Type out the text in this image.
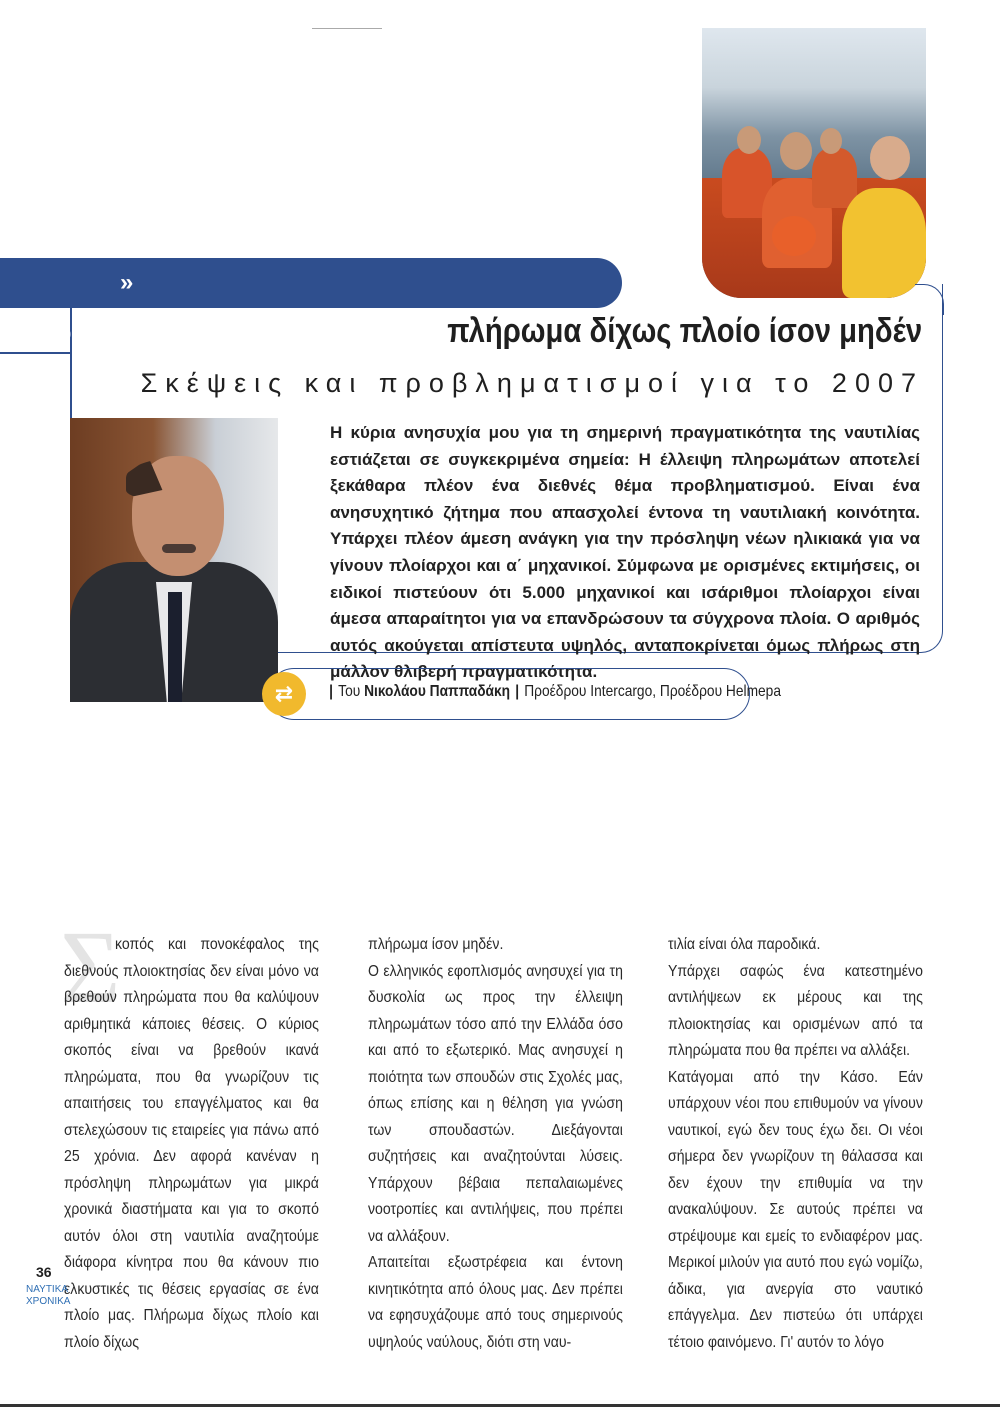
»Πλοίο δίχως πλήρωμα ίσον μηδέν και
πλήρωμα δίχως πλοίο ίσον μηδέν
Σκέψεις και προβληματισμοί για το 2007
Η κύρια ανησυχία μου για τη σημερινή πραγματικότητα της ναυτιλίας εστιάζεται σε συγκεκριμένα σημεία: Η έλλειψη πληρωμάτων αποτελεί ξεκάθαρα πλέον ένα διεθνές θέμα προβληματισμού. Είναι ένα ανησυχητικό ζήτημα που απασχολεί έντονα τη ναυτιλιακή κοινότητα. Υπάρχει πλέον άμεση ανάγκη για την πρόσληψη νέων ηλικιακά για να γίνουν πλοίαρχοι και α΄ μηχανικοί. Σύμφωνα με ορισμένες εκτιμήσεις, οι ειδικοί πιστεύουν ότι 5.000 μηχανικοί και ισάριθμοι πλοίαρχοι είναι άμεσα απαραίτητοι για να επανδρώσουν τα σύγχρονα πλοία. Ο αριθμός αυτός ακούγεται απίστευτα υψηλός, ανταποκρίνεται όμως πλήρως στη μάλλον θλιβερή πραγματικότητα.
⇄	| Του Νικολάου Παππαδάκη | Προέδρου Intercargo, Προέδρου Helmepa
Σ

κοπός και πονοκέφαλος της διεθνούς πλοιοκτησίας δεν είναι μόνο να βρεθούν πληρώματα που θα καλύψουν αριθμητικά κάποιες θέσεις. Ο κύριος σκοπός είναι να βρεθούν ικανά πληρώματα, που θα γνωρίζουν τις απαιτήσεις του επαγγέλματος και θα στελεχώσουν τις εταιρείες για πάνω από 25 χρόνια. Δεν αφορά κανέναν η πρόσληψη πληρωμάτων για μικρά χρονικά διαστήματα και για το σκοπό αυτόν όλοι στη ναυτιλία αναζητούμε διάφορα κίνητρα που θα κάνουν πιο ελκυστικές τις θέσεις εργασίας σε ένα πλοίο μας. Πλήρωμα δίχως πλοίο και πλοίο δίχως

πλήρωμα ίσον μηδέν.

Ο ελληνικός εφοπλισμός ανησυχεί για τη δυσκολία ως προς την έλλειψη πληρωμάτων τόσο από την Ελλάδα όσο και από το εξωτερικό. Μας ανησυχεί η ποιότητα των σπουδών στις Σχολές μας, όπως επίσης και η θέληση για γνώση των σπουδαστών. Διεξάγονται συζητήσεις και αναζητούνται λύσεις. Υπάρχουν βέβαια πεπαλαιωμένες νοοτροπίες και αντιλήψεις, που πρέπει να αλλάξουν.

Απαιτείται εξωστρέφεια και έντονη κινητικότητα από όλους μας. Δεν πρέπει να εφησυχάζουμε από τους σημερινούς υψηλούς ναύλους, διότι στη ναυ-

τιλία είναι όλα παροδικά.

Υπάρχει σαφώς ένα κατεστημένο αντιλήψεων εκ μέρους και της πλοιοκτησίας και ορισμένων από τα πληρώματα που θα πρέπει να αλλάξει.

Κατάγομαι από την Κάσο. Εάν υπάρχουν νέοι που επιθυμούν να γίνουν ναυτικοί, εγώ δεν τους έχω δει. Οι νέοι σήμερα δεν γνωρίζουν τη θάλασσα και δεν έχουν την επιθυμία να την ανακαλύψουν. Σε αυτούς πρέπει να στρέψουμε και εμείς το ενδιαφέρον μας. Μερικοί μιλούν για αυτό που εγώ νομίζω, άδικα, για ανεργία στο ναυτικό επάγγελμα. Δεν πιστεύω ότι υπάρχει τέτοιο φαινόμενο. Γι' αυτόν το λόγο

36
ΝΑΥΤΙΚΑ
ΧΡΟΝΙΚΑ
